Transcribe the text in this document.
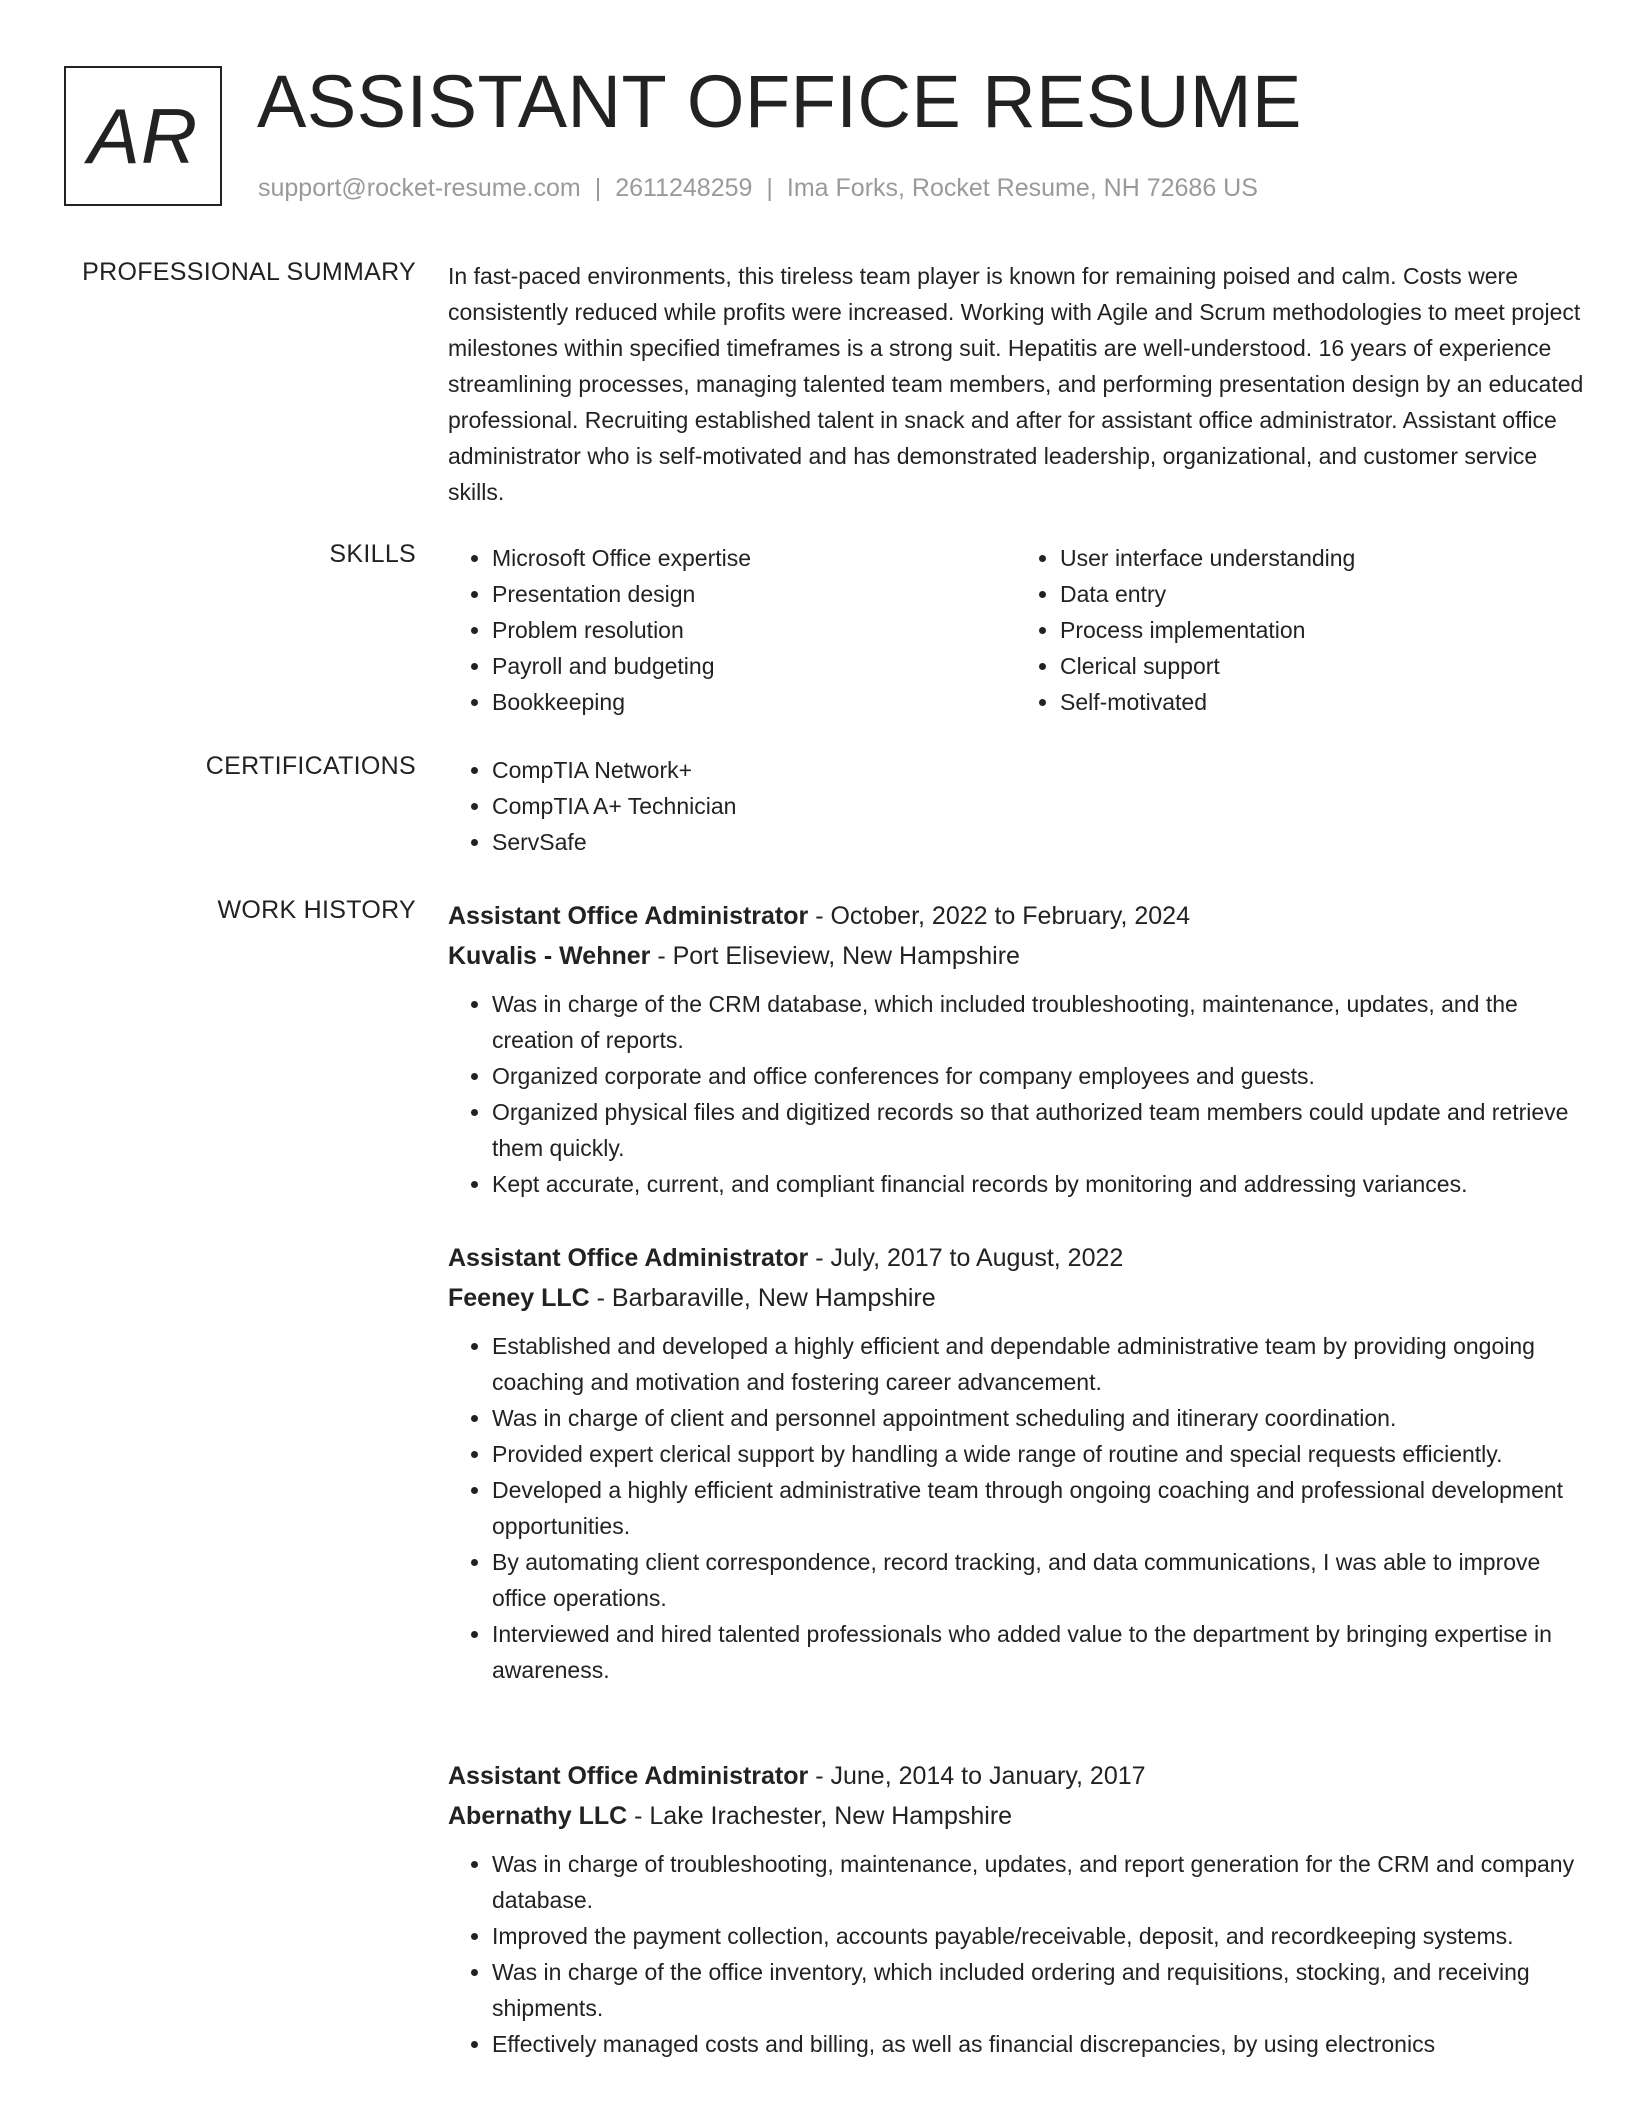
AR ASSISTANT OFFICE RESUME
support@rocket-resume.com | 2611248259 | Ima Forks, Rocket Resume, NH 72686 US
PROFESSIONAL SUMMARY In fast-paced environments, this tireless team player is known for remaining poised and calm. Costs were consistently reduced while profits were increased. Working with Agile and Scrum methodologies to meet project milestones within specified timeframes is a strong suit. Hepatitis are well-understood. 16 years of experience streamlining processes, managing talented team members, and performing presentation design by an educated professional. Recruiting established talent in snack and after for assistant office administrator. Assistant office administrator who is self-motivated and has demonstrated leadership, organizational, and customer service skills.

SKILLS	• Microsoft Office expertise
• Presentation design
• Problem resolution
• Payroll and budgeting
• Bookkeeping
• User interface understanding
• Data entry
• Process implementation
• Clerical support
• Self-motivated
CERTIFICATIONS	• CompTIA Network+
• CompTIA A+ Technician
• ServSafe
WORK HISTORY Assistant Office Administrator - October, 2022 to February, 2024
Kuvalis - Wehner - Port Eliseview, New Hampshire
• Was in charge of the CRM database, which included troubleshooting, maintenance, updates, and the creation of reports.
• Organized corporate and office conferences for company employees and guests.
• Organized physical files and digitized records so that authorized team members could update and retrieve them quickly.
• Kept accurate, current, and compliant financial records by monitoring and addressing variances.
Assistant Office Administrator - July, 2017 to August, 2022
Feeney LLC - Barbaraville, New Hampshire
• Established and developed a highly efficient and dependable administrative team by providing ongoing coaching and motivation and fostering career advancement.
• Was in charge of client and personnel appointment scheduling and itinerary coordination.
• Provided expert clerical support by handling a wide range of routine and special requests efficiently.
• Developed a highly efficient administrative team through ongoing coaching and professional development opportunities.
• By automating client correspondence, record tracking, and data communications, I was able to improve office operations.
• Interviewed and hired talented professionals who added value to the department by bringing expertise in awareness.
Assistant Office Administrator - June, 2014 to January, 2017
Abernathy LLC - Lake Irachester, New Hampshire
• Was in charge of troubleshooting, maintenance, updates, and report generation for the CRM and company database.
• Improved the payment collection, accounts payable/receivable, deposit, and recordkeeping systems.
• Was in charge of the office inventory, which included ordering and requisitions, stocking, and receiving shipments.
• Effectively managed costs and billing, as well as financial discrepancies, by using electronics
